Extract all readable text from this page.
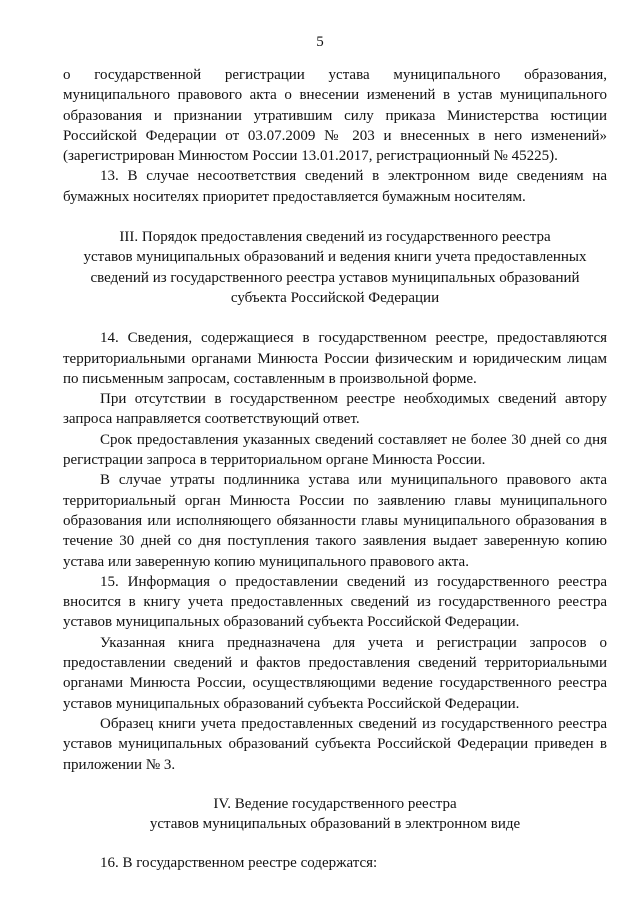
5

о государственной регистрации устава муниципального образования, муниципального правового акта о внесении изменений в устав муниципального образования и признании утратившим силу приказа Министерства юстиции Российской Федерации от 03.07.2009 № 203 и внесенных в него изменений» (зарегистрирован Минюстом России 13.01.2017, регистрационный № 45225).

13. В случае несоответствия сведений в электронном виде сведениям на бумажных носителях приоритет предоставляется бумажным носителям.

III. Порядок предоставления сведений из государственного реестра

уставов муниципальных образований и ведения книги учета предоставленных

сведений из государственного реестра уставов муниципальных образований

субъекта Российской Федерации

14. Сведения, содержащиеся в государственном реестре, предоставляются территориальными органами Минюста России физическим и юридическим лицам по письменным запросам, составленным в произвольной форме.

При отсутствии в государственном реестре необходимых сведений автору запроса направляется соответствующий ответ.

Срок предоставления указанных сведений составляет не более 30 дней со дня регистрации запроса в территориальном органе Минюста России.

В случае утраты подлинника устава или муниципального правового акта территориальный орган Минюста России по заявлению главы муниципального образования или исполняющего обязанности главы муниципального образования в течение 30 дней со дня поступления такого заявления выдает заверенную копию устава или заверенную копию муниципального правового акта.

15. Информация о предоставлении сведений из государственного реестра вносится в книгу учета предоставленных сведений из государственного реестра уставов муниципальных образований субъекта Российской Федерации.

Указанная книга предназначена для учета и регистрации запросов о предоставлении сведений и фактов предоставления сведений территориальными органами Минюста России, осуществляющими ведение государственного реестра уставов муниципальных образований субъекта Российской Федерации.

Образец книги учета предоставленных сведений из государственного реестра уставов муниципальных образований субъекта Российской Федерации приведен в приложении № 3.

IV. Ведение государственного реестра

уставов муниципальных образований в электронном виде

16. В государственном реестре содержатся:
